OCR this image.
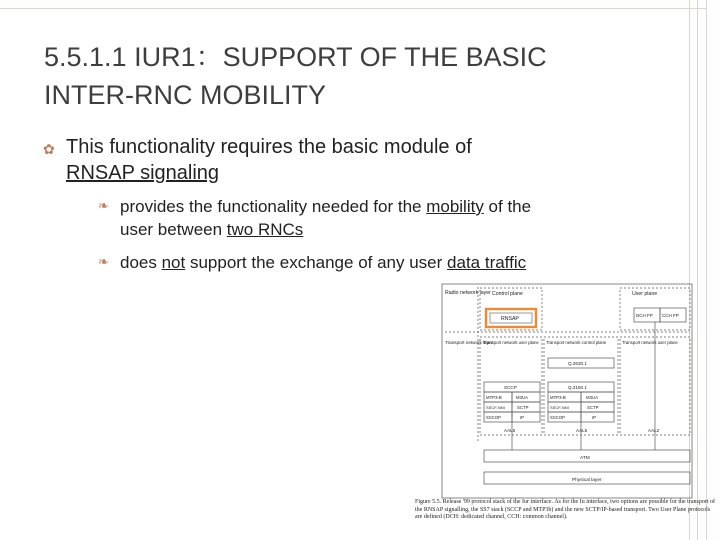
5.5.1.1 IUR1：SUPPORT OF THE BASIC
INTER-RNC MOBILITY
✿ This functionality requires the basic module of
RNSAP signaling
❧ provides the functionality needed for the mobility of the
user between two RNCs
❧ does not support the exchange of any user data traffic
Radio network layer Control plane	User plane
RNSAP
DCH FP CCH FP
Transport network layer
Transport network user plane Transport network control plane	Transport network user plane
Q.2630.1
Q.2150.1
SCCP
MTP3-B	M3UA
SSCF-NNI	SCTP
SSCOP	IP
MTP3-B	M3UA
SSCF-NNI	SCTP
SSCOP	IP
AAL5	AAL5	AAL2
ATM
Physical layer
Figure 5.5. Release '99 protocol stack of the Iur interface. As for the Iu interface, two options are possible for the transport of the RNSAP signalling, the SS7 stack (SCCP and MTP3b) and the new SCTP/IP-based transport. Two User Plane protocols are defined (DCH: dedicated channel, CCH: common channel).
